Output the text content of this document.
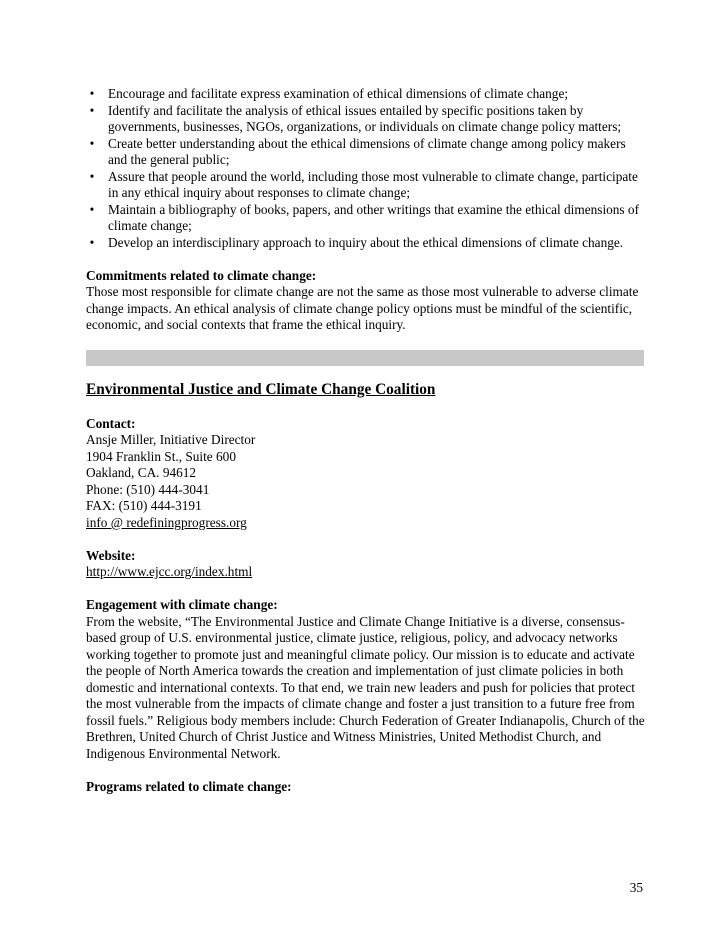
• Encourage and facilitate express examination of ethical dimensions of climate change;
• Identify and facilitate the analysis of ethical issues entailed by specific positions taken by governments, businesses, NGOs, organizations, or individuals on climate change policy matters;
• Create better understanding about the ethical dimensions of climate change among policy makers and the general public;
• Assure that people around the world, including those most vulnerable to climate change, participate in any ethical inquiry about responses to climate change;
• Maintain a bibliography of books, papers, and other writings that examine the ethical dimensions of climate change;
• Develop an interdisciplinary approach to inquiry about the ethical dimensions of climate change.

Commitments related to climate change:

Those most responsible for climate change are not the same as those most vulnerable to adverse climate change impacts. An ethical analysis of climate change policy options must be mindful of the scientific, economic, and social contexts that frame the ethical inquiry.

Environmental Justice and Climate Change Coalition

Contact:

Ansje Miller, Initiative Director

1904 Franklin St., Suite 600

Oakland, CA. 94612

Phone: (510) 444-3041

FAX: (510) 444-3191

info @ redefiningprogress.org

Website:

http://www.ejcc.org/index.html

Engagement with climate change:

From the website, “The Environmental Justice and Climate Change Initiative is a diverse, consensus-based group of U.S. environmental justice, climate justice, religious, policy, and advocacy networks working together to promote just and meaningful climate policy. Our mission is to educate and activate the people of North America towards the creation and implementation of just climate policies in both domestic and international contexts. To that end, we train new leaders and push for policies that protect the most vulnerable from the impacts of climate change and foster a just transition to a future free from fossil fuels.” Religious body members include: Church Federation of Greater Indianapolis, Church of the Brethren, United Church of Christ Justice and Witness Ministries, United Methodist Church, and Indigenous Environmental Network.

Programs related to climate change:

35
